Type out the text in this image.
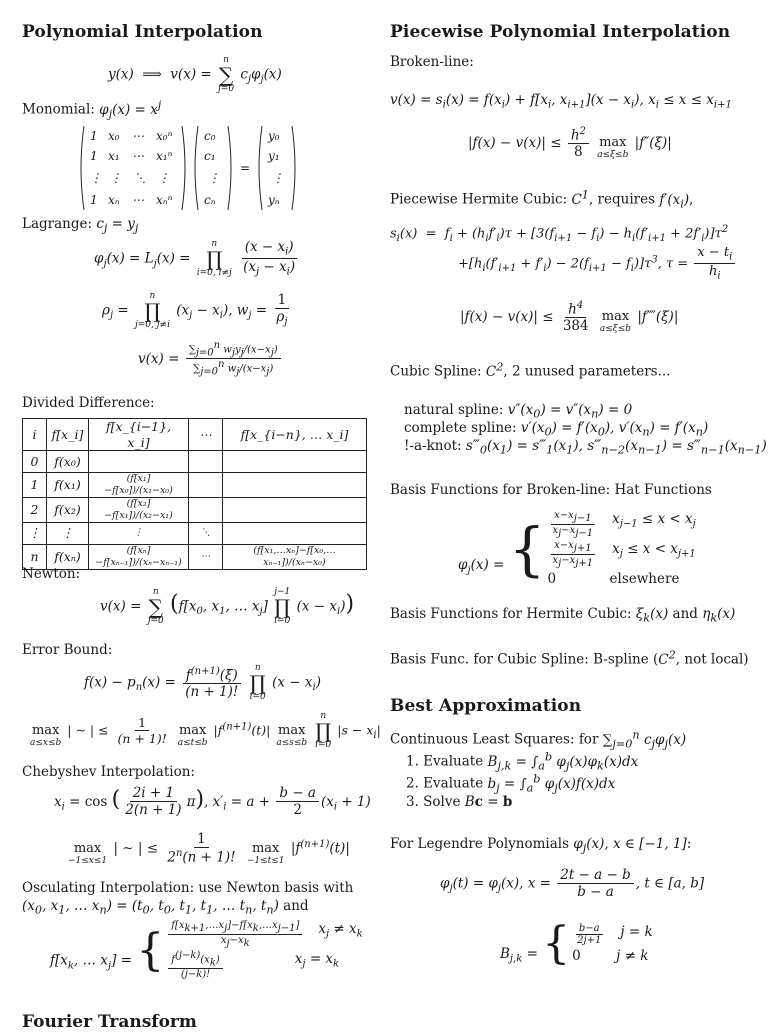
Polynomial Interpolation
y(x)  ⟹  v(x) =
n
∑
j=0
$c_j\varphi_j(x)$
Monomial: $\varphi_j(x) = x^j$
1 x₀ ⋯ x₀ⁿ
1 x₁ ⋯ x₁ⁿ
⋮ ⋮ ⋱ ⋮
1 xₙ ⋯ xₙⁿ
c₀
c₁
⋮
cₙ
=
y₀
y₁
⋮
yₙ
Lagrange: $c_j = y_j$
$\varphi_j(x) = L_j(x)$ =
n
∏
i=0, i≠j
$\frac{(x - x_i)}{(x_j - x_i)}$
$\rho_j$ =
n
∏
j=0, j≠i
$(x_j - x_i)$, $w_j = \frac{1}{\rho_j}$
$v(x) = \frac{\sum_{j=0}^n w_jy_j/(x-x_j)}{\sum_{j=0}^n w_j/(x-x_j)}$
Divided Difference:
i	f[x_i]	f[x_{i−1}, x_i]	⋯	f[x_{i−n}, … x_i]
0	f(x₀)			
1	f(x₁)	(f[x₁]−f[x₀])/(x₁−x₀)		
2	f(x₂)	(f[x₂]−f[x₁])/(x₂−x₁)		
⋮	⋮	⋮	⋱	
n	f(xₙ)	(f[xₙ]−f[xₙ₋₁])/(xₙ−xₙ₋₁)	⋯	(f[x₁,…xₙ]−f[x₀,…xₙ₋₁])/(xₙ−x₀)
Newton:
v(x) =
n
∑
j=0
($f[x_0$, $x_1$, … $x_j$]
j−1
∏
i=0
$(x - x_i)$)
Error Bound:
$f(x) - p_n(x) = \frac{f^{(n+1)}(\xi)}{(n + 1)!}$
n
∏
i=0
$(x - x_i)$

max
a≤x≤b
| ∼ | ≤ $\frac{1}{(n + 1)!}$

max
a≤t≤b
$|f^{(n+1)}(t)|$
max
a≤s≤b

n
∏
i=0
$|s - x_i|$
Chebyshev Interpolation:
$x_i = \cos$ ( $\frac{2i + 1}{2(n + 1)} \pi$), $x'_i = a + \frac{b - a}{2} (x_i + 1)$

max
−1≤x≤1
| ∼ | ≤ $\frac{1}{2^n(n + 1)!}$

max
−1≤t≤1
$|f^{(n+1)}(t)|$
Osculating Interpolation: use Newton basis with
($x_0$, $x_1$, … $x_n) = (t_0$, $t_0$, $t_1$, $t_1$, … $t_n$, $t_n$) and
$f[x_k$, … $x_j$] = { $\frac{f[x_{k+1},\dots x_j]-f[x_k,\dots x_{j-1}]}{x_j-x_k} x_j \ne x_k$
$\frac{f^{(j-k)}(x_k)}{(j-k)!}$	$x_j = x_k$
Fourier Transform
Piecewise Polynomial Interpolation
Broken-line:
$v(x) = s_i(x) = f(x_i) + f[x_i$, $x_{i+1}](x - x_i)$, $x_i \le x \le x_{i+1}$
$|f(x) - v(x)| \le \frac{h^2}{8}$

max
a≤ξ≤b
|f″(ξ)|
Piecewise Hermite Cubic: $C^1$, requires $f'(x_i)$,
$s_i(x) = f_i + (h_if'_i)\tau + [3(f_{i+1} - f_i) - h_i(f'_{i+1} + 2f'_i)]\tau^2$
$+[h_i(f'_{i+1} + f'_i) - 2(f_{i+1} - f_i)]\tau^3$, $\tau = \frac{x - t_i}{h_i}$
$|f(x) - v(x)| \le \frac{h^4}{384}$

max
a≤ξ≤b
|f⁗(ξ)|
Cubic Spline: $C^2$, 2 unused parameters...
natural spline: $v''(x_0) = v''(x_n) = 0$
complete spline: $v'(x_0) = f'(x_0)$, $v'(x_n) = f'(x_n)$
!-a-knot: $s‴_0(x_1)$ = $s‴_1(x_1)$, $s‴_{n-2}(x_{n-1})$ = $s‴_{n-1}(x_{n-1})$
Basis Functions for Broken-line: Hat Functions
$\varphi_j(x)$ = { $\frac{x-x_{j-1}}{x_j-x_{j-1}} x_{j-1} \le x < x_j$
$\frac{x-x_{j+1}}{x_j-x_{j+1}} x_j \le x < x_{j+1}$
0	elsewhere
Basis Functions for Hermite Cubic: $\xi_k(x)$ and $\eta_k(x)$
Basis Func. for Cubic Spline: B-spline ($C^2$, not local)
Best Approximation
Continuous Least Squares: for $\sum_{j=0}^n$ $c_j\varphi_j(x)$
1. Evaluate $B_{j,k} = \int_a^b$ $\varphi_j(x)\varphi_k(x)dx$
2. Evaluate $b_j = \int_a^b$ $\varphi_j(x)f(x)dx$
3. Solve Bc = b
For Legendre Polynomials $\varphi_j(x)$, x ∈ [−1, 1]:
$\varphi_j(t) = \varphi_j(x)$, $x = \frac{2t - a - b}{b - a}$ , t ∈ [a, b]
$B_{j,k}$ = { $\frac{b-a}{2j+1}$ j = k
0	j ≠ k
